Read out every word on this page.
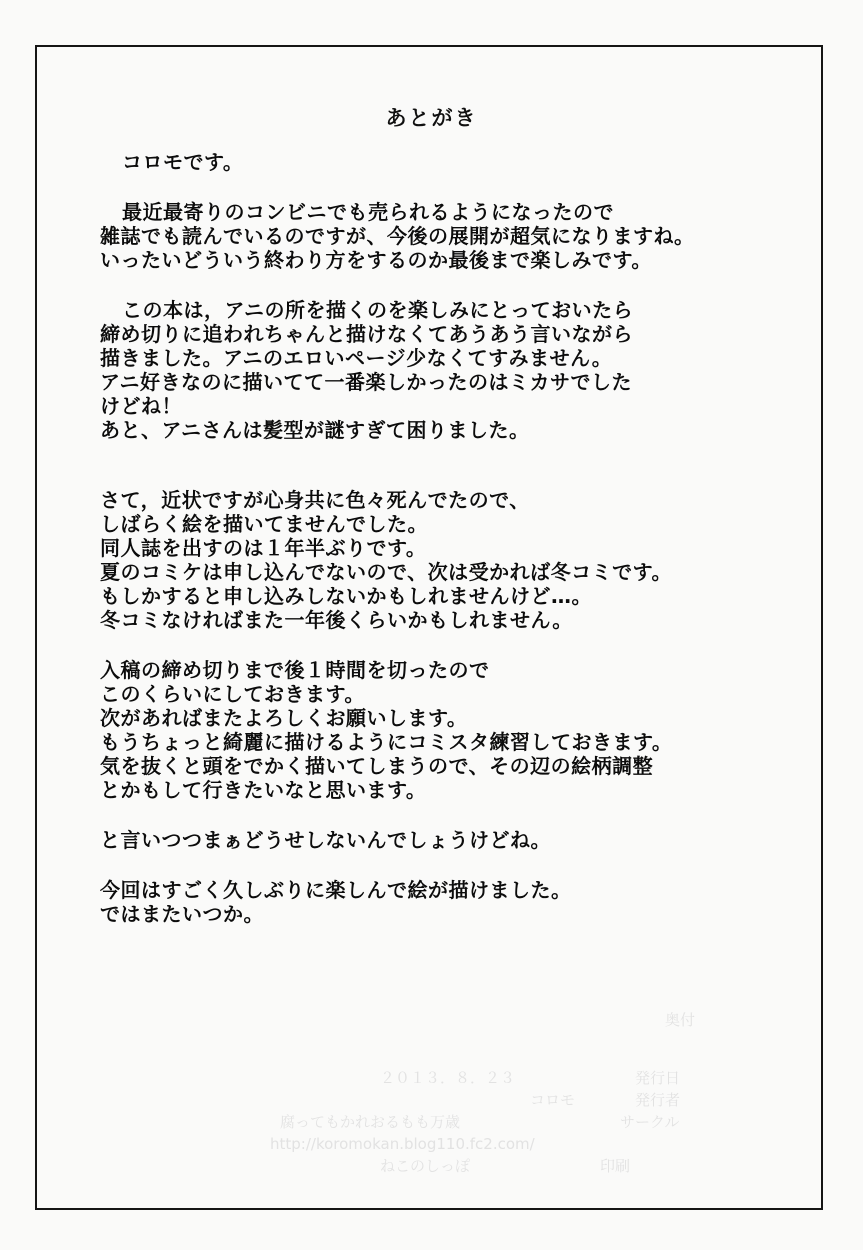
あとがき

コロモです。

最近最寄りのコンビニでも売られるようになったので
雑誌でも読んでいるのですが、今後の展開が超気になりますね。
いったいどういう終わり方をするのか最後まで楽しみです。

この本は，アニの所を描くのを楽しみにとっておいたら
締め切りに追われちゃんと描けなくてあうあう言いながら
描きました。アニのエロいページ少なくてすみません。
アニ好きなのに描いてて一番楽しかったのはミカサでした
けどね！
あと、アニさんは髪型が謎すぎて困りました。

さて，近状ですが心身共に色々死んでたので、
しばらく絵を描いてませんでした。
同人誌を出すのは１年半ぶりです。
夏のコミケは申し込んでないので、次は受かれば冬コミです。
もしかすると申し込みしないかもしれませんけど…。
冬コミなければまた一年後くらいかもしれません。

入稿の締め切りまで後１時間を切ったので
このくらいにしておきます。
次があればまたよろしくお願いします。
もうちょっと綺麗に描けるようにコミスタ練習しておきます。
気を抜くと頭をでかく描いてしまうので、その辺の絵柄調整
とかもして行きたいなと思います。

と言いつつまぁどうせしないんでしょうけどね。

今回はすごく久しぶりに楽しんで絵が描けました。
ではまたいつか。

奥付
発行日
２０１３．８．２３
発行者
コロモ
サークル
腐ってもかれおるもも万歳
http://koromokan.blog110.fc2.com/
印刷
ねこのしっぽ
